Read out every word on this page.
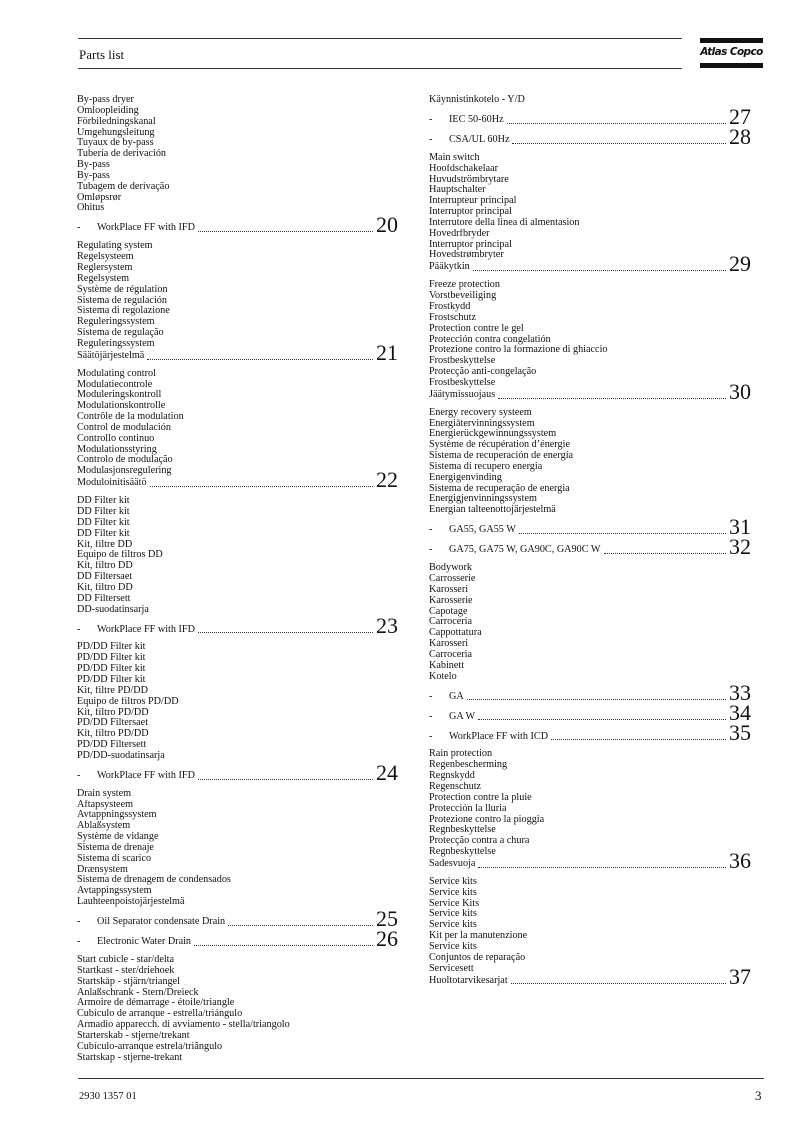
Parts list	Atlas Copco
By-pass dryer
Omloopleiding
Förbiledningskanal
Umgehungsleitung
Tuyaux de by-pass
Tubería de derivación
By-pass
By-pass
Tubagem de derivação
Omløpsrør
Ohitus
-	WorkPlace FF with IFD	20
Regulating system
Regelsysteem
Reglersystem
Regelsystem
Système de régulation
Sistema de regulación
Sistema di regolazione
Reguleringssystem
Sistema de regulação
Reguleringssystem
Säätöjärjestelmä	21
Modulating control
Modulatiecontrole
Moduleringskontroll
Modulationskontrolle
Contrôle de la modulation
Control de modulación
Controllo continuo
Modulationsstyring
Controlo de modulação
Modulasjonsregulering
Moduloinitisäätö	22
DD Filter kit
DD Filter kit
DD Filter kit
DD Filter kit
Kit, filtre DD
Equipo de filtros DD
Kit, filtro DD
DD Filtersaet
Kit, filtro DD
DD Filtersett
DD-suodatinsarja
-	WorkPlace FF with IFD	23
PD/DD Filter kit
PD/DD Filter kit
PD/DD Filter kit
PD/DD Filter kit
Kit, filtre PD/DD
Equipo de filtros PD/DD
Kit, filtro PD/DD
PD/DD Filtersaet
Kit, filtro PD/DD
PD/DD Filtersett
PD/DD-suodatinsarja
-	WorkPlace FF with IFD	24
Drain system
Aftapsysteem
Avtappningssystem
Ablaßsystem
Système de vidange
Sistema de drenaje
Sistema di scarico
Drænsystem
Sistema de drenagem de condensados
Avtappingssystem
Lauhteenpoistojärjestelmä
-	Oil Separator condensate Drain	25
-	Electronic Water Drain	26
Start cubicle - star/delta
Startkast - ster/driehoek
Startskåp - stjärn/triangel
Anlaßschrank - Stern/Dreieck
Armoire de démarrage - étoile/triangle
Cubículo de arranque - estrella/triángulo
Armadio apparecch. di avviamento - stella/triangolo
Starterskab - stjerne/trekant
Cubículo-arranque estrela/triângulo
Startskap - stjerne-trekant
Käynnistinkotelo - Y/D
-	IEC 50-60Hz	27
-	CSA/UL 60Hz	28
Main switch
Hoofdschakelaar
Huvudströmbrytare
Hauptschalter
Interrupteur principal
Interruptor principal
Interrutore della linea di almentasion
Hovedrfbryder
Interruptor principal
Hovedstrømbryter
Pääkytkin	29
Freeze protection
Vorstbeveiliging
Frostkydd
Frostschutz
Protection contre le gel
Protección contra congelatión
Protezione contro la formazione di ghiaccio
Frostbeskyttelse
Protecção anti-congelação
Frostbeskyttelse
Jäätymissuojaus	30
Energy recovery systeem
Energiåtervinningssystem
Energierückgewinnungssystem
Système de récupération d’énergie
Sistema de recuperación de energía
Sistema di recupero energia
Energigenvinding
Sistema de recuperação de energia
Energigjenvinningssystem
Energian talteenottojärjestelmä
-	GA55, GA55 W	31
-	GA75, GA75 W, GA90C, GA90C W	32
Bodywork
Carrosserie
Karosseri
Karosserie
Capotage
Carrocería
Cappottatura
Karosseri
Carroceria
Kabinett
Kotelo
-	GA	33
-	GA W	34
-	WorkPlace FF with ICD	35
Rain protection
Regenbescherming
Regnskydd
Regenschutz
Protection contre la pluie
Protección la lluria
Protezione contro la pioggia
Regnbeskyttelse
Protecção contra a chura
Regnbeskyttelse
Sadesvuoja	36
Service kits
Service kits
Service Kits
Service kits
Service kits
Kit per la manutenzione
Service kits
Conjuntos de reparação
Servicesett
Huoltotarvikesarjat	37
2930 1357 01	3
